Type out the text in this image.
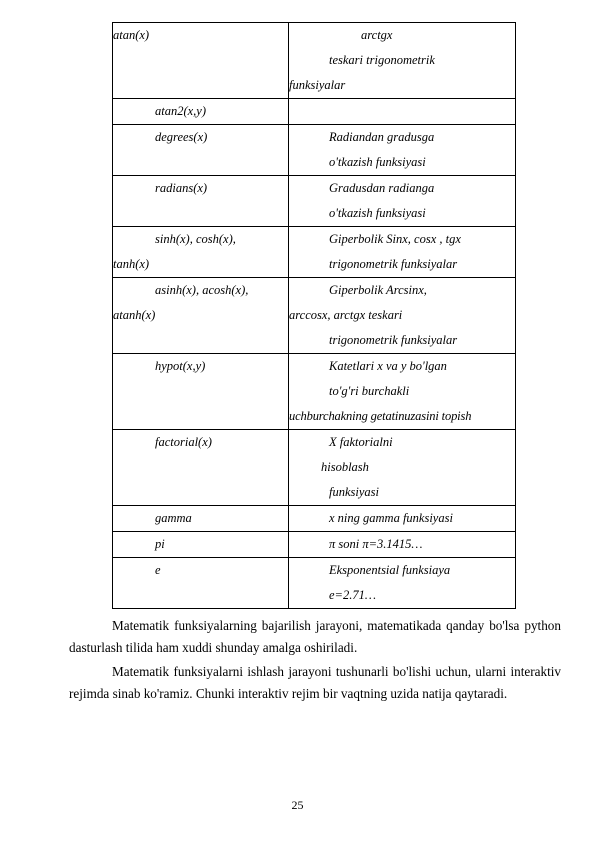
atan(x)	arctgx
teskari trigonometrik
funksiyalar

atan2(x,y)	

degrees(x)	Radiandan gradusga
o'tkazish funksiyasi

radians(x)	Gradusdan radianga
o'tkazish funksiyasi

sinh(x), cosh(x),
tanh(x)	Giperbolik Sinx, cosx , tgx
trigonometrik funksiyalar

asinh(x), acosh(x),
atanh(x)	Giperbolik Arcsinx,
arccosx, arctgx teskari
trigonometrik funksiyalar

hypot(x,y)	Katetlari x va y bo'lgan
to'g'ri burchakli
uchburchakning getatinuzasini topish

factorial(x)	X faktorialni
hisoblash
funksiyasi

gamma	x ning gamma funksiyasi

pi	π soni π=3.1415…

e	Eksponentsial funksiaya
e=2.71…
Matematik funksiyalarning bajarilish jarayoni, matematikada qanday bo'lsa python dasturlash tilida ham xuddi shunday amalga oshiriladi.
Matematik funksiyalarni ishlash jarayoni tushunarli bo'lishi uchun, ularni interaktiv rejimda sinab ko'ramiz. Chunki interaktiv rejim bir vaqtning uzida natija qaytaradi.
25
